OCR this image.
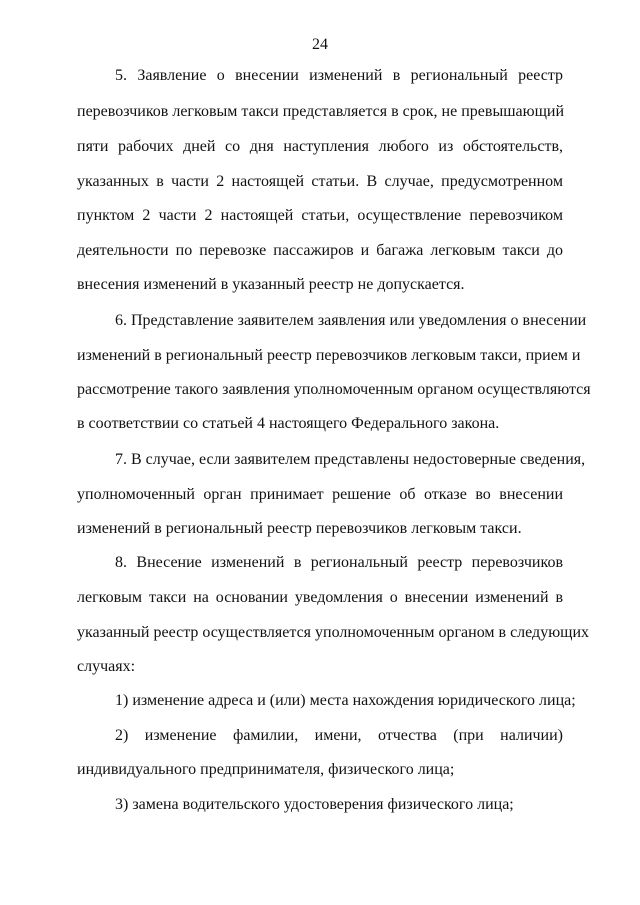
24
5. Заявление о внесении изменений в региональный реестр
перевозчиков легковым такси представляется в срок, не превышающий
пяти рабочих дней со дня наступления любого из обстоятельств,
указанных в части 2 настоящей статьи. В случае, предусмотренном
пунктом 2 части 2 настоящей статьи, осуществление перевозчиком
деятельности по перевозке пассажиров и багажа легковым такси до
внесения изменений в указанный реестр не допускается.
6. Представление заявителем заявления или уведомления о внесении
изменений в региональный реестр перевозчиков легковым такси, прием и
рассмотрение такого заявления уполномоченным органом осуществляются
в соответствии со статьей 4 настоящего Федерального закона.
7. В случае, если заявителем представлены недостоверные сведения,
уполномоченный орган принимает решение об отказе во внесении
изменений в региональный реестр перевозчиков легковым такси.
8. Внесение изменений в региональный реестр перевозчиков
легковым такси на основании уведомления о внесении изменений в
указанный реестр осуществляется уполномоченным органом в следующих
случаях:
1) изменение адреса и (или) места нахождения юридического лица;
2) изменение фамилии, имени, отчества (при наличии)
индивидуального предпринимателя, физического лица;
3) замена водительского удостоверения физического лица;
